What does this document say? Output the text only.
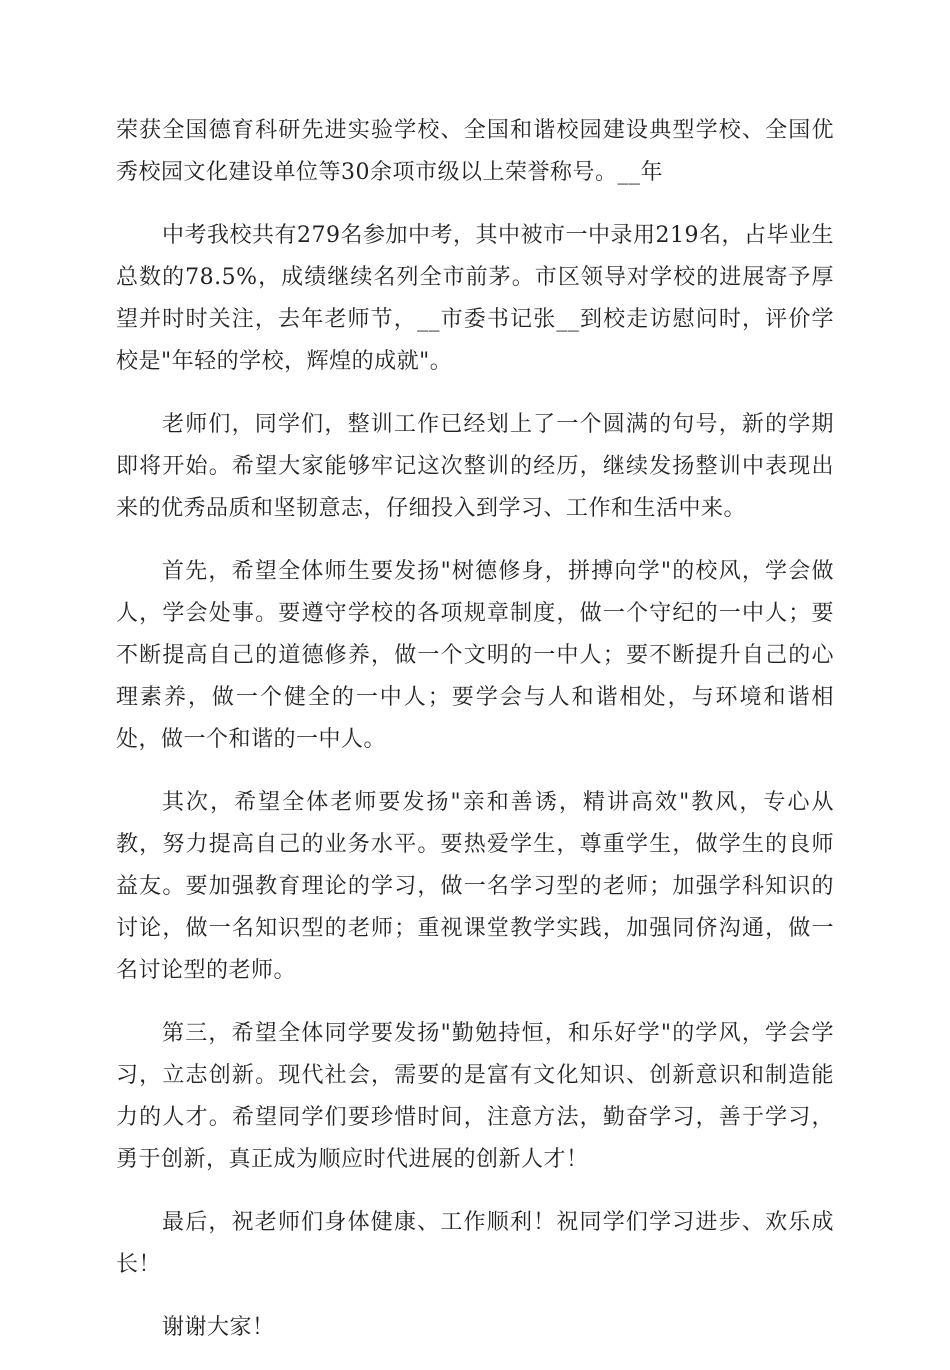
荣获全国德育科研先进实验学校、全国和谐校园建设典型学校、全国优秀校园文化建设单位等30余项市级以上荣誉称号。__年

中考我校共有279名参加中考，其中被市一中录用219名，占毕业生总数的78.5%，成绩继续名列全市前茅。市区领导对学校的进展寄予厚望并时时关注，去年老师节，__市委书记张__到校走访慰问时，评价学校是"年轻的学校，辉煌的成就"。

老师们，同学们，整训工作已经划上了一个圆满的句号，新的学期即将开始。希望大家能够牢记这次整训的经历，继续发扬整训中表现出来的优秀品质和坚韧意志，仔细投入到学习、工作和生活中来。

首先，希望全体师生要发扬"树德修身，拼搏向学"的校风，学会做人，学会处事。要遵守学校的各项规章制度，做一个守纪的一中人；要不断提高自己的道德修养，做一个文明的一中人；要不断提升自己的心理素养，做一个健全的一中人；要学会与人和谐相处，与环境和谐相处，做一个和谐的一中人。

其次，希望全体老师要发扬"亲和善诱，精讲高效"教风，专心从教，努力提高自己的业务水平。要热爱学生，尊重学生，做学生的良师益友。要加强教育理论的学习，做一名学习型的老师；加强学科知识的讨论，做一名知识型的老师；重视课堂教学实践，加强同侪沟通，做一名讨论型的老师。

第三，希望全体同学要发扬"勤勉持恒，和乐好学"的学风，学会学习，立志创新。现代社会，需要的是富有文化知识、创新意识和制造能力的人才。希望同学们要珍惜时间，注意方法，勤奋学习，善于学习，勇于创新，真正成为顺应时代进展的创新人才！

最后，祝老师们身体健康、工作顺利！祝同学们学习进步、欢乐成长！

谢谢大家！
